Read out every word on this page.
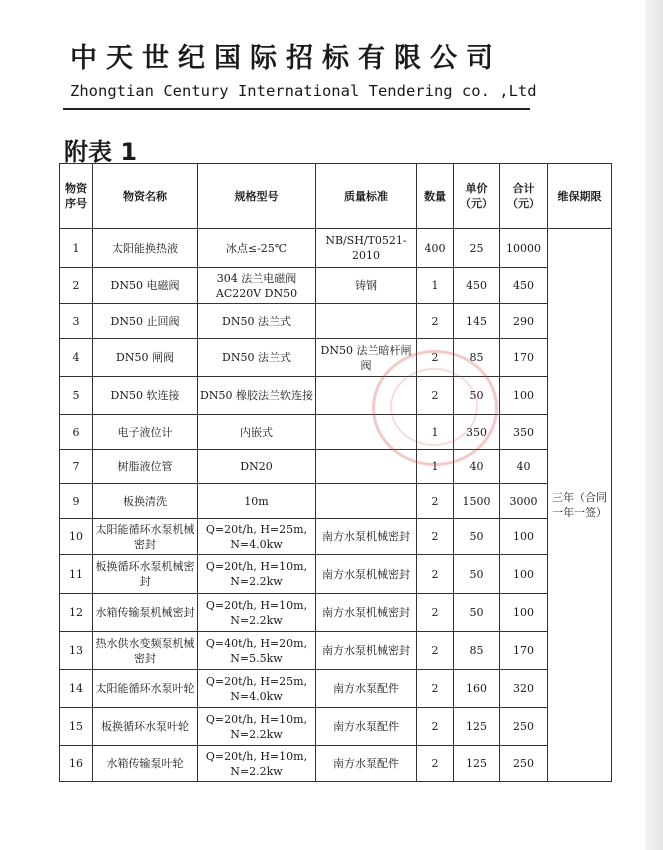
中天世纪国际招标有限公司
Zhongtian Century International Tendering co. ,Ltd
附表 1
物资序号	物资名称	规格型号	质量标准	数量	单价（元）	合计（元）	维保期限
1	太阳能换热液	冰点≤-25℃	NB/SH/T0521-2010	400	25	10000	三年（合同一年一签）
2	DN50 电磁阀	304 法兰电磁阀 AC220V DN50	铸钢	1	450	450	
3	DN50 止回阀	DN50 法兰式		2	145	290	
4	DN50 闸阀	DN50 法兰式	DN50 法兰暗杆闸阀	2	85	170	
5	DN50 软连接	DN50 橡胶法兰软连接		2	50	100	
6	电子液位计	内嵌式		1	350	350	
7	树脂液位管	DN20		1	40	40	
9	板换清洗	10m		2	1500	3000	
10	太阳能循环水泵机械密封	Q=20t/h, H=25m, N=4.0kw	南方水泵机械密封	2	50	100	
11	板换循环水泵机械密封	Q=20t/h, H=10m, N=2.2kw	南方水泵机械密封	2	50	100	
12	水箱传输泵机械密封	Q=20t/h, H=10m, N=2.2kw	南方水泵机械密封	2	50	100	
13	热水供水变频泵机械密封	Q=40t/h, H=20m, N=5.5kw	南方水泵机械密封	2	85	170	
14	太阳能循环水泵叶轮	Q=20t/h, H=25m, N=4.0kw	南方水泵配件	2	160	320	
15	板换循环水泵叶轮	Q=20t/h, H=10m, N=2.2kw	南方水泵配件	2	125	250	
16	水箱传输泵叶轮	Q=20t/h, H=10m, N=2.2kw	南方水泵配件	2	125	250	
